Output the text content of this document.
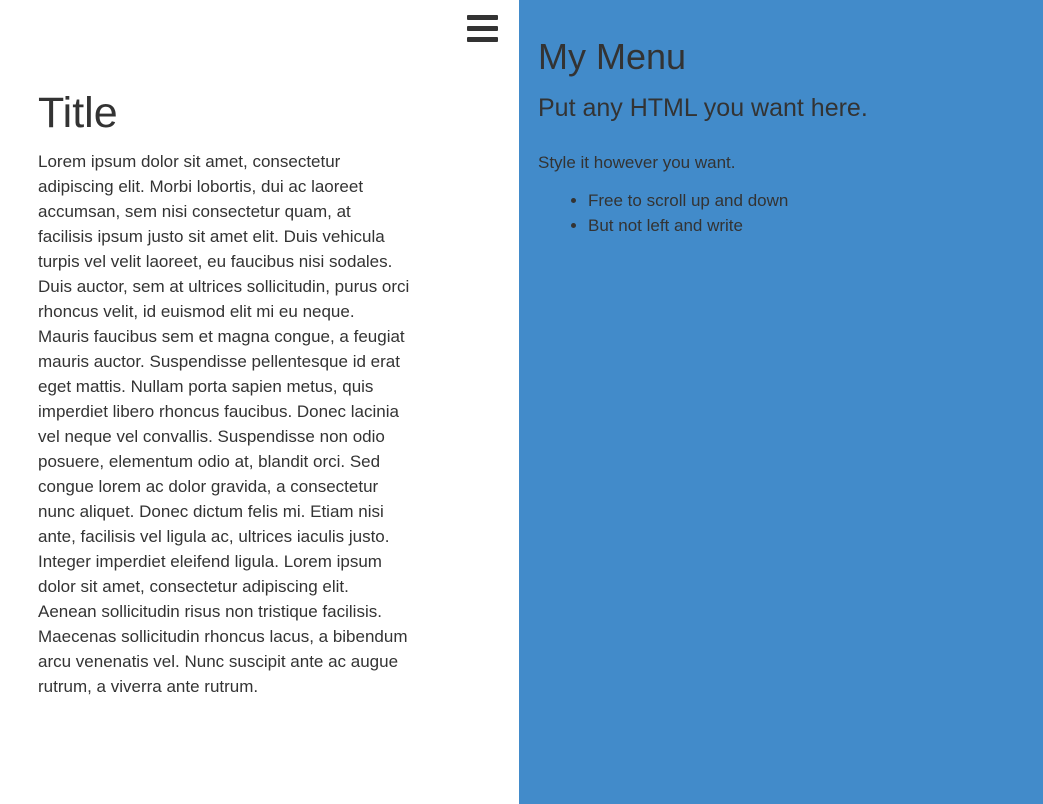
Title

Lorem ipsum dolor sit amet, consectetur adipiscing elit. Morbi lobortis, dui ac laoreet accumsan, sem nisi consectetur quam, at facilisis ipsum justo sit amet elit. Duis vehicula turpis vel velit laoreet, eu faucibus nisi sodales. Duis auctor, sem at ultrices sollicitudin, purus orci rhoncus velit, id euismod elit mi eu neque. Mauris faucibus sem et magna congue, a feugiat mauris auctor. Suspendisse pellentesque id erat eget mattis. Nullam porta sapien metus, quis imperdiet libero rhoncus faucibus. Donec lacinia vel neque vel convallis. Suspendisse non odio posuere, elementum odio at, blandit orci. Sed congue lorem ac dolor gravida, a consectetur nunc aliquet. Donec dictum felis mi. Etiam nisi ante, facilisis vel ligula ac, ultrices iaculis justo. Integer imperdiet eleifend ligula. Lorem ipsum dolor sit amet, consectetur adipiscing elit. Aenean sollicitudin risus non tristique facilisis. Maecenas sollicitudin rhoncus lacus, a bibendum arcu venenatis vel. Nunc suscipit ante ac augue rutrum, a viverra ante rutrum.

My Menu
Put any HTML you want here.

Style it however you want.

• Free to scroll up and down
• But not left and write
